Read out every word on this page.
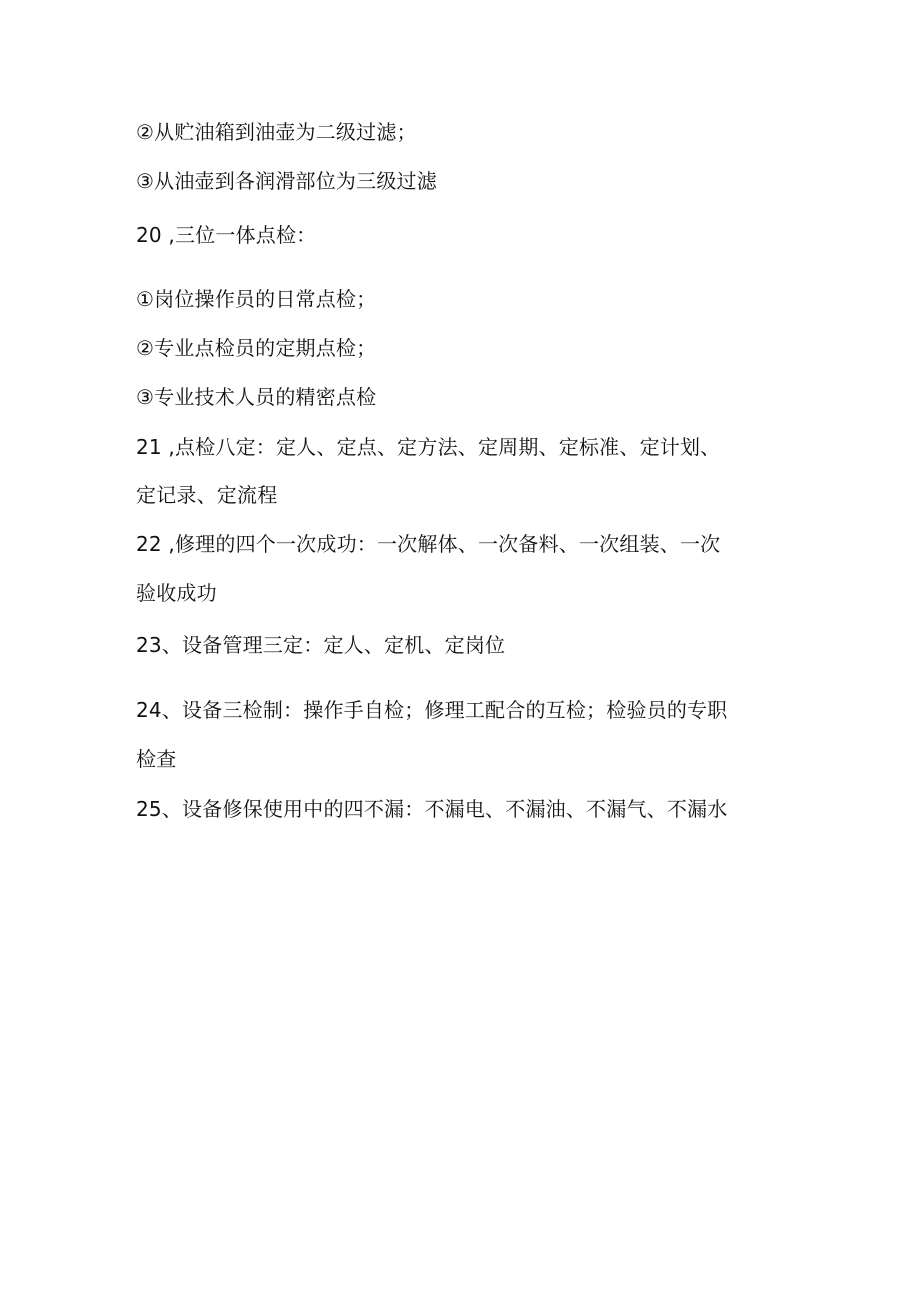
②从贮油箱到油壶为二级过滤；
③从油壶到各润滑部位为三级过滤
20 ,三位一体点检：
①岗位操作员的日常点检；
②专业点检员的定期点检；
③专业技术人员的精密点检
21 ,点检八定：定人、定点、定方法、定周期、定标准、定计划、
定记录、定流程
22 ,修理的四个一次成功：一次解体、一次备料、一次组装、一次
验收成功
23、设备管理三定：定人、定机、定岗位
24、设备三检制：操作手自检；修理工配合的互检；检验员的专职
检查
25、设备修保使用中的四不漏：不漏电、不漏油、不漏气、不漏水
